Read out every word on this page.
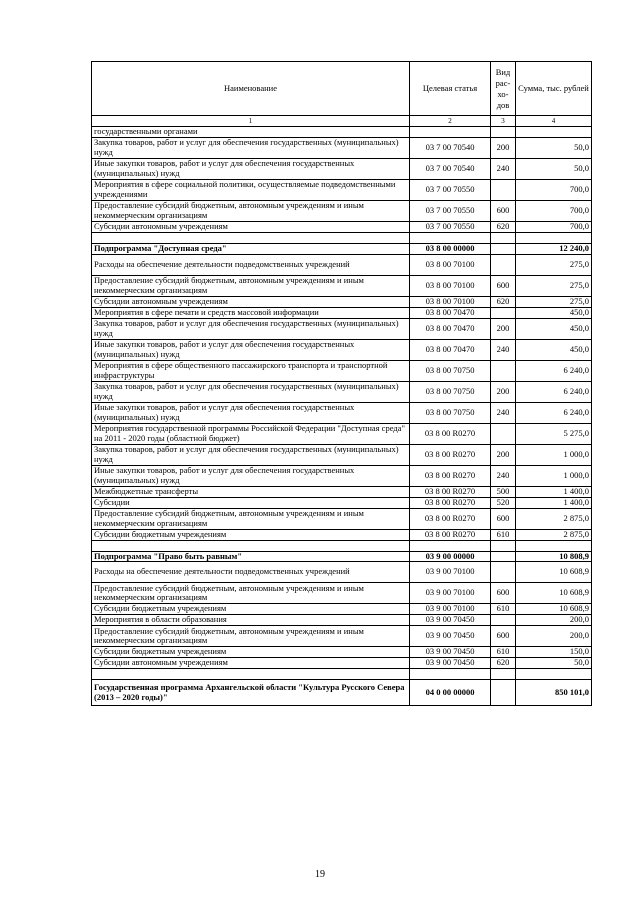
Наименование	Целевая статья	Вид рас-хо-дов	Сумма, тыс. рублей
1	2	3	4
государственными органами			
Закупка товаров, работ и услуг для обеспечения государственных (муниципальных) нужд	03 7 00 70540	200	50,0
Иные закупки товаров, работ и услуг для обеспечения государственных (муниципальных) нужд	03 7 00 70540	240	50,0
Мероприятия в сфере социальной политики, осуществляемые подведомственными учреждениями	03 7 00 70550		700,0
Предоставление субсидий бюджетным, автономным учреждениям и иным некоммерческим организациям	03 7 00 70550	600	700,0
Субсидии автономным учреждениям	03 7 00 70550	620	700,0

Подпрограмма "Доступная среда"	03 8 00 00000		12 240,0
Расходы на обеспечение деятельности подведомственных учреждений	03 8 00 70100		275,0
Предоставление субсидий бюджетным, автономным учреждениям и иным некоммерческим организациям	03 8 00 70100	600	275,0
Субсидии автономным учреждениям	03 8 00 70100	620	275,0
Мероприятия в сфере печати и средств массовой информации	03 8 00 70470		450,0
Закупка товаров, работ и услуг для обеспечения государственных (муниципальных) нужд	03 8 00 70470	200	450,0
Иные закупки товаров, работ и услуг для обеспечения государственных (муниципальных) нужд	03 8 00 70470	240	450,0
Мероприятия в сфере общественного пассажирского транспорта и транспортной инфраструктуры	03 8 00 70750		6 240,0
Закупка товаров, работ и услуг для обеспечения государственных (муниципальных) нужд	03 8 00 70750	200	6 240,0
Иные закупки товаров, работ и услуг для обеспечения государственных (муниципальных) нужд	03 8 00 70750	240	6 240,0
Мероприятия государственной программы Российской Федерации "Доступная среда" на 2011 - 2020 годы (областной бюджет)	03 8 00 R0270		5 275,0
Закупка товаров, работ и услуг для обеспечения государственных (муниципальных) нужд	03 8 00 R0270	200	1 000,0
Иные закупки товаров, работ и услуг для обеспечения государственных (муниципальных) нужд	03 8 00 R0270	240	1 000,0
Межбюджетные трансферты	03 8 00 R0270	500	1 400,0
Субсидии	03 8 00 R0270	520	1 400,0
Предоставление субсидий бюджетным, автономным учреждениям и иным некоммерческим организациям	03 8 00 R0270	600	2 875,0
Субсидии бюджетным учреждениям	03 8 00 R0270	610	2 875,0

Подпрограмма "Право быть равным"	03 9 00 00000		10 808,9
Расходы на обеспечение деятельности подведомственных учреждений	03 9 00 70100		10 608,9
Предоставление субсидий бюджетным, автономным учреждениям и иным некоммерческим организациям	03 9 00 70100	600	10 608,9
Субсидии бюджетным учреждениям	03 9 00 70100	610	10 608,9
Мероприятия в области образования	03 9 00 70450		200,0
Предоставление субсидий бюджетным, автономным учреждениям и иным некоммерческим организациям	03 9 00 70450	600	200,0
Субсидии бюджетным учреждениям	03 9 00 70450	610	150,0
Субсидии автономным учреждениям	03 9 00 70450	620	50,0

Государственная программа Архангельской области "Культура Русского Севера (2013 – 2020 годы)"	04 0 00 00000		850 101,0
19
